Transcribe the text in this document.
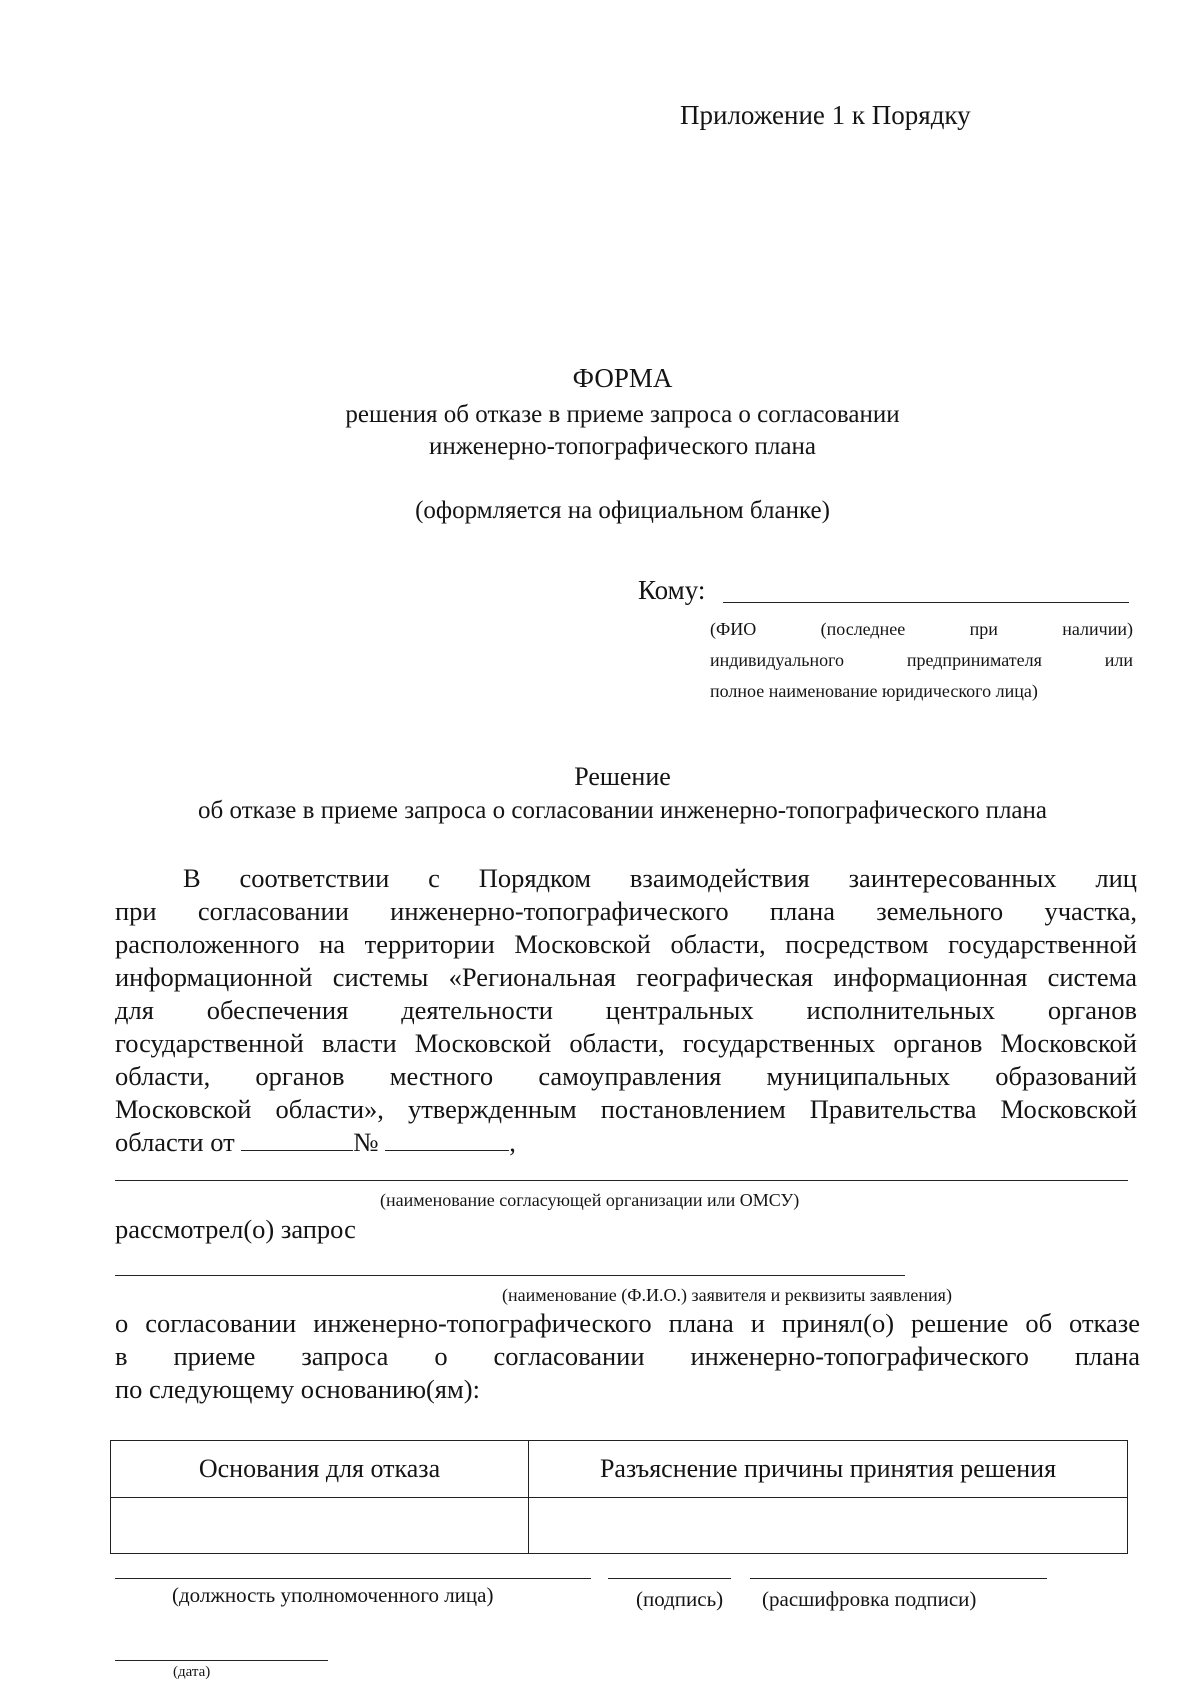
Приложение 1 к Порядку
ФОРМА
решения об отказе в приеме запроса о согласовании
инженерно-топографического плана
(оформляется на официальном бланке)
Кому:
(ФИО (последнее при наличии)
индивидуального предпринимателя или
полное наименование юридического лица)
Решение
об отказе в приеме запроса о согласовании инженерно-топографического плана
В соответствии с Порядком взаимодействия заинтересованных лиц
при согласовании инженерно-топографического плана земельного участка,
расположенного на территории Московской области, посредством государственной
информационной системы «Региональная географическая информационная система
для обеспечения деятельности центральных исполнительных органов
государственной власти Московской области, государственных органов Московской
области, органов местного самоуправления муниципальных образований
Московской области», утвержденным постановлением Правительства Московской
области от	№	,
(наименование согласующей организации или ОМСУ)
рассмотрел(о) запрос
(наименование (Ф.И.О.) заявителя и реквизиты заявления)
о согласовании инженерно-топографического плана и принял(о) решение об отказе
в приеме запроса о согласовании инженерно-топографического плана
по следующему основанию(ям):
Основания для отказа	Разъяснение причины принятия решения

(должность уполномоченного лица)	(подпись) (расшифровка подписи)
(дата)
